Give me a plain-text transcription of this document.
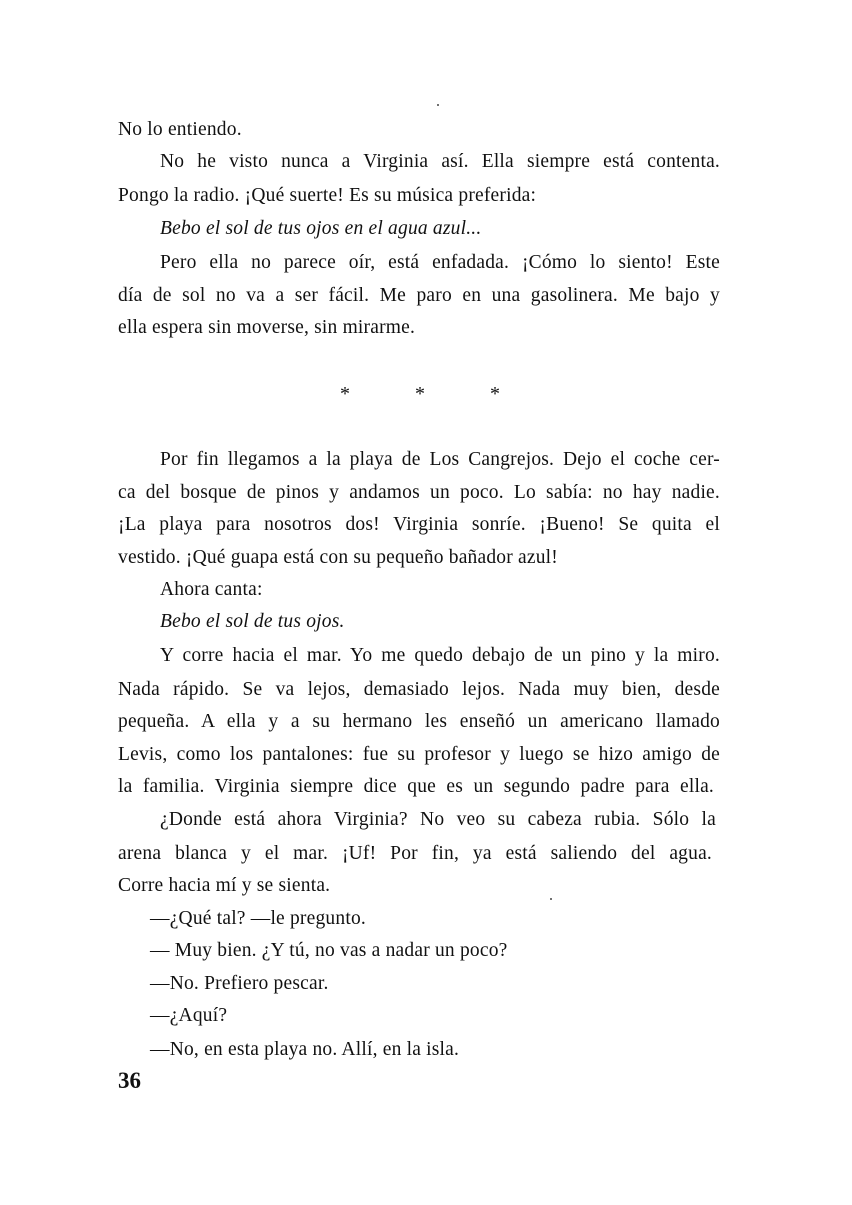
No lo entiendo.
No he visto nunca a Virginia así. Ella siempre está contenta.
Pongo la radio. ¡Qué suerte! Es su música preferida:
Bebo el sol de tus ojos en el agua azul...
Pero ella no parece oír, está enfadada. ¡Cómo lo siento! Este
día de sol no va a ser fácil. Me paro en una gasolinera. Me bajo y
ella espera sin moverse, sin mirarme.
*	*	*
Por fin llegamos a la playa de Los Cangrejos. Dejo el coche cer-
ca del bosque de pinos y andamos un poco. Lo sabía: no hay nadie.
¡La playa para nosotros dos! Virginia sonríe. ¡Bueno! Se quita el
vestido. ¡Qué guapa está con su pequeño bañador azul!
Ahora canta:
Bebo el sol de tus ojos.
Y corre hacia el mar. Yo me quedo debajo de un pino y la miro.
Nada rápido. Se va lejos, demasiado lejos. Nada muy bien, desde
pequeña. A ella y a su hermano les enseñó un americano llamado
Levis, como los pantalones: fue su profesor y luego se hizo amigo de
la familia. Virginia siempre dice que es un segundo padre para ella.
¿Donde está ahora Virginia? No veo su cabeza rubia. Sólo la
arena blanca y el mar. ¡Uf! Por fin, ya está saliendo del agua.
Corre hacia mí y se sienta.
—¿Qué tal? —le pregunto.
— Muy bien. ¿Y tú, no vas a nadar un poco?
—No. Prefiero pescar.
—¿Aquí?
—No, en esta playa no. Allí, en la isla.
36
